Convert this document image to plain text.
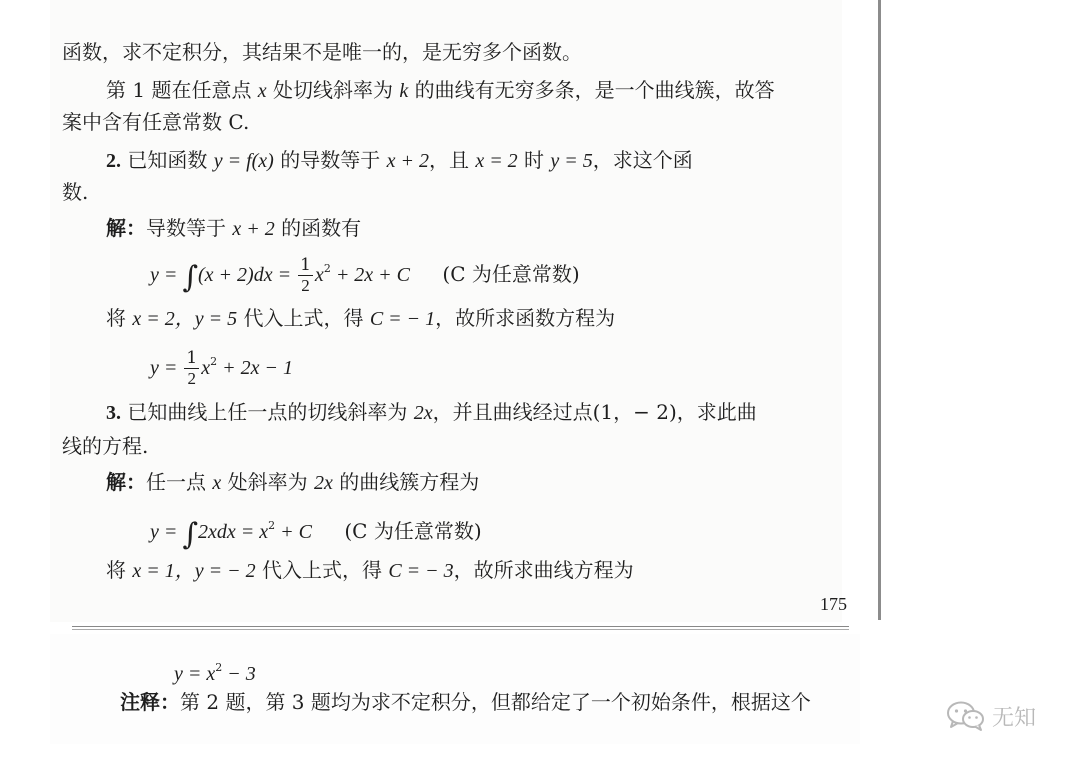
函数，求不定积分，其结果不是唯一的，是无穷多个函数。
第 1 题在任意点 x 处切线斜率为 k 的曲线有无穷多条，是一个曲线簇，故答
案中含有任意常数 C.
2. 已知函数 y = f(x) 的导数等于 x + 2，且 x = 2 时 y = 5，求这个函
数.
解：导数等于 x + 2 的函数有
$y = \int(x + 2)dx = \frac{1}{2} x^2 + 2x + C$ (C 为任意常数)
将 x = 2，y = 5 代入上式，得 C = − 1，故所求函数方程为
$y = \frac{1}{2} x^2 + 2x - 1$
3. 已知曲线上任一点的切线斜率为 2x，并且曲线经过点(1，− 2)，求此曲
线的方程.
解：任一点 x 处斜率为 2x 的曲线簇方程为
$y = \int 2xdx = x^2 + C$ (C 为任意常数)
将 x = 1，y = − 2 代入上式，得 C = − 3，故所求曲线方程为
175
$y = x^2 - 3$
注释：第 2 题，第 3 题均为求不定积分，但都给定了一个初始条件，根据这个
无知
